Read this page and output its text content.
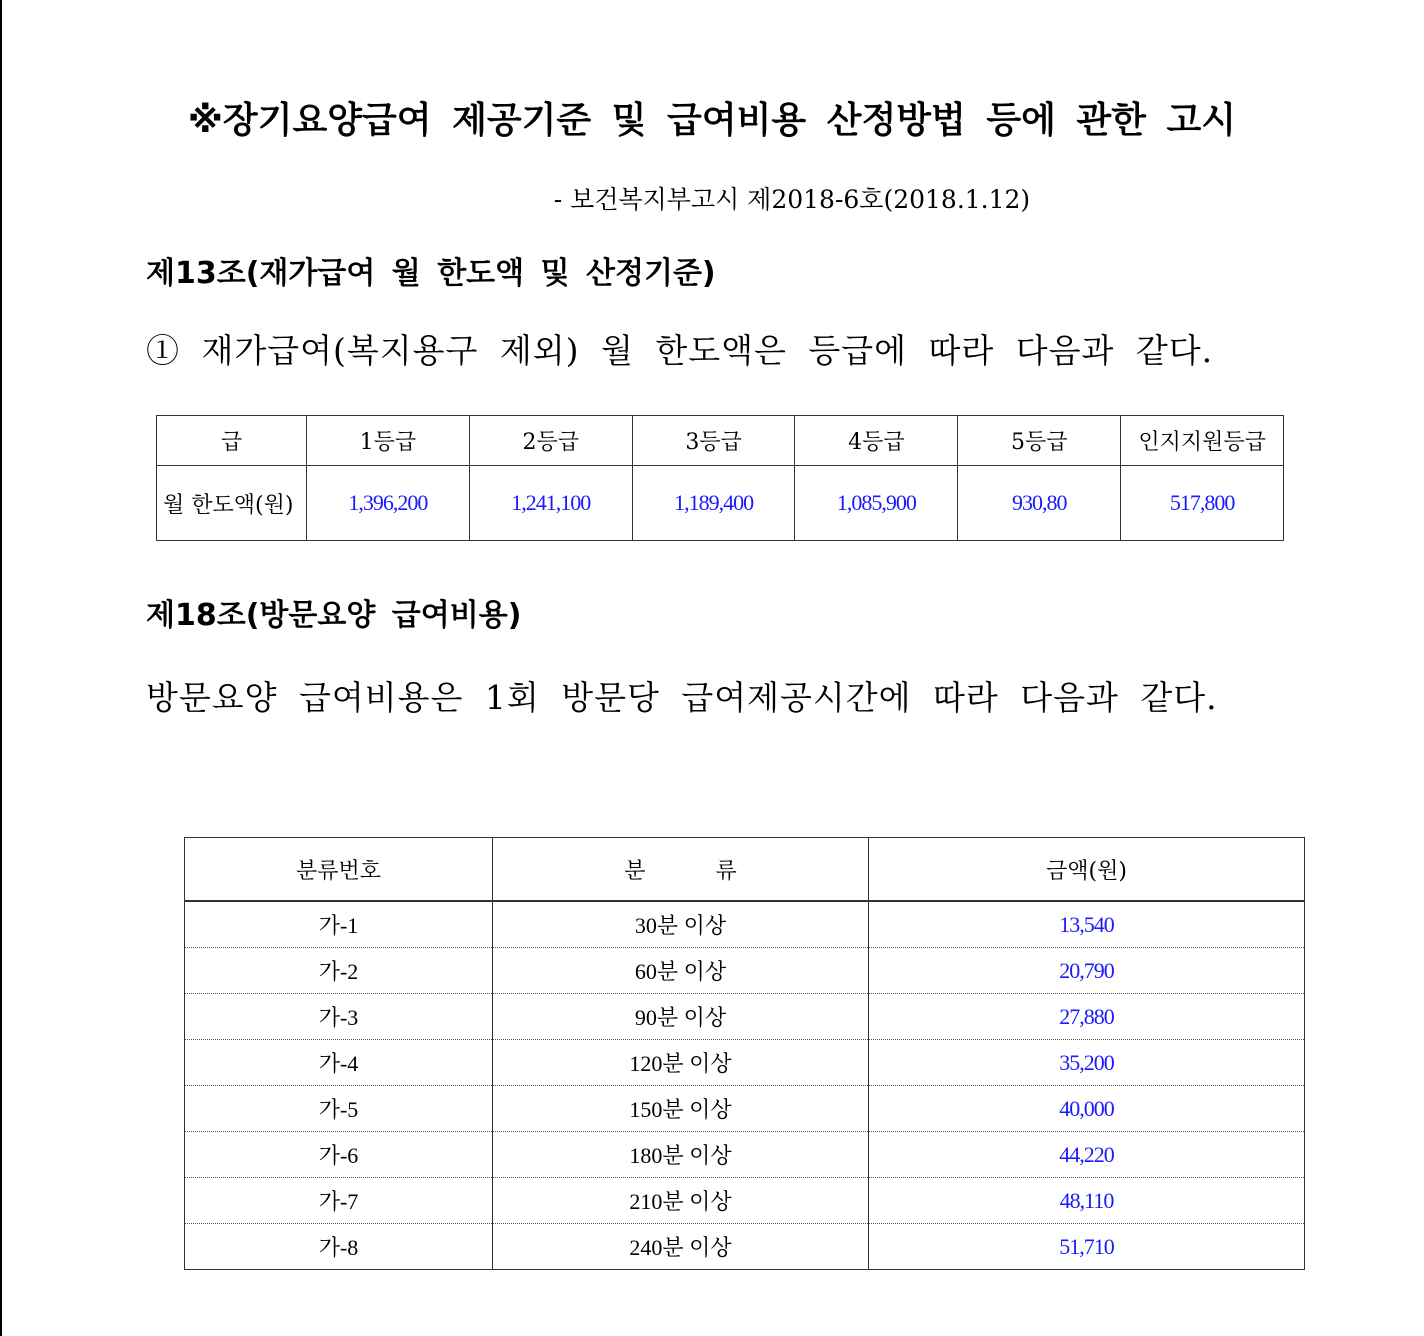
※장기요양급여 제공기준 및 급여비용 산정방법 등에 관한 고시
- 보건복지부고시 제2018-6호(2018.1.12)
제13조(재가급여 월 한도액 및 산정기준)
① 재가급여(복지용구 제외) 월 한도액은 등급에 따라 다음과 같다.
급	1등급	2등급	3등급	4등급	5등급	인지지원등급
월 한도액(원)	1,396,200	1,241,100	1,189,400	1,085,900	930,80	517,800
제18조(방문요양 급여비용)
방문요양 급여비용은 1회 방문당 급여제공시간에 따라 다음과 같다.
분류번호	분          류	금액(원)
가-1	30분 이상	13,540
가-2	60분 이상	20,790
가-3	90분 이상	27,880
가-4	120분 이상	35,200
가-5	150분 이상	40,000
가-6	180분 이상	44,220
가-7	210분 이상	48,110
가-8	240분 이상	51,710
